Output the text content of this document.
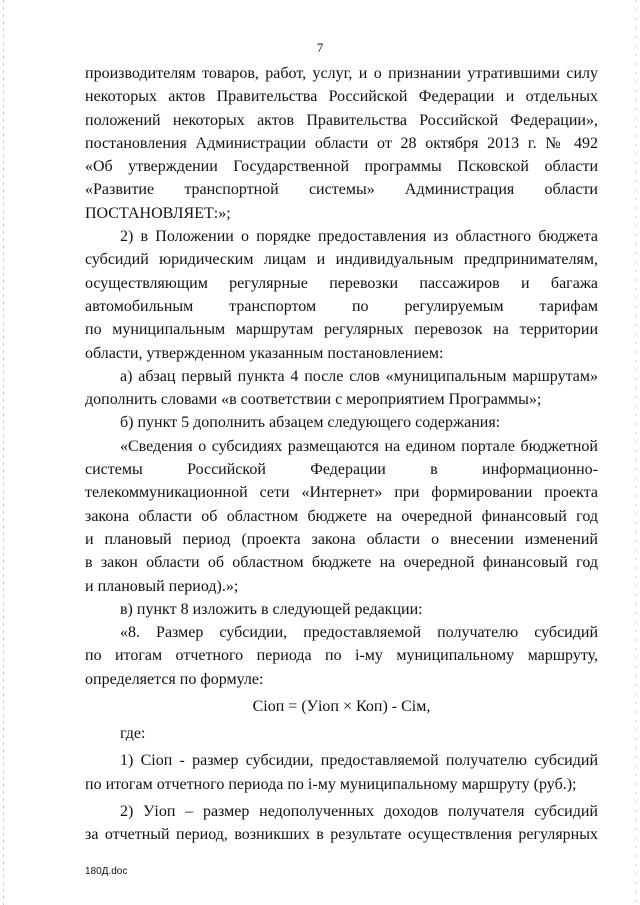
7
производителям товаров, работ, услуг, и о признании утратившими силу
некоторых актов Правительства Российской Федерации и отдельных
положений некоторых актов Правительства Российской Федерации»,
постановления Администрации области от 28 октября 2013 г. № 492
«Об утверждении Государственной программы Псковской области
«Развитие транспортной системы» Администрация области
ПОСТАНОВЛЯЕТ:»;
2) в Положении о порядке предоставления из областного бюджета
субсидий юридическим лицам и индивидуальным предпринимателям,
осуществляющим регулярные перевозки пассажиров и багажа
автомобильным транспортом по регулируемым тарифам
по муниципальным маршрутам регулярных перевозок на территории
области, утвержденном указанным постановлением:
а) абзац первый пункта 4 после слов «муниципальным маршрутам»
дополнить словами «в соответствии с мероприятием Программы»;
б) пункт 5 дополнить абзацем следующего содержания:
«Сведения о субсидиях размещаются на едином портале бюджетной
системы Российской Федерации в информационно-
телекоммуникационной сети «Интернет» при формировании проекта
закона области об областном бюджете на очередной финансовый год
и плановый период (проекта закона области о внесении изменений
в закон области об областном бюджете на очередной финансовый год
и плановый период).»;
в) пункт 8 изложить в следующей редакции:
«8. Размер субсидии, предоставляемой получателю субсидий
по итогам отчетного периода по і-му муниципальному маршруту,
определяется по формуле:
Сіоп = (Уіоп × Коп) - Сім,
где:
1) Сіоп - размер субсидии, предоставляемой получателю субсидий
по итогам отчетного периода по і-му муниципальному маршруту (руб.);
2) Уіоп – размер недополученных доходов получателя субсидий
за отчетный период, возникших в результате осуществления регулярных
180Д.doc
